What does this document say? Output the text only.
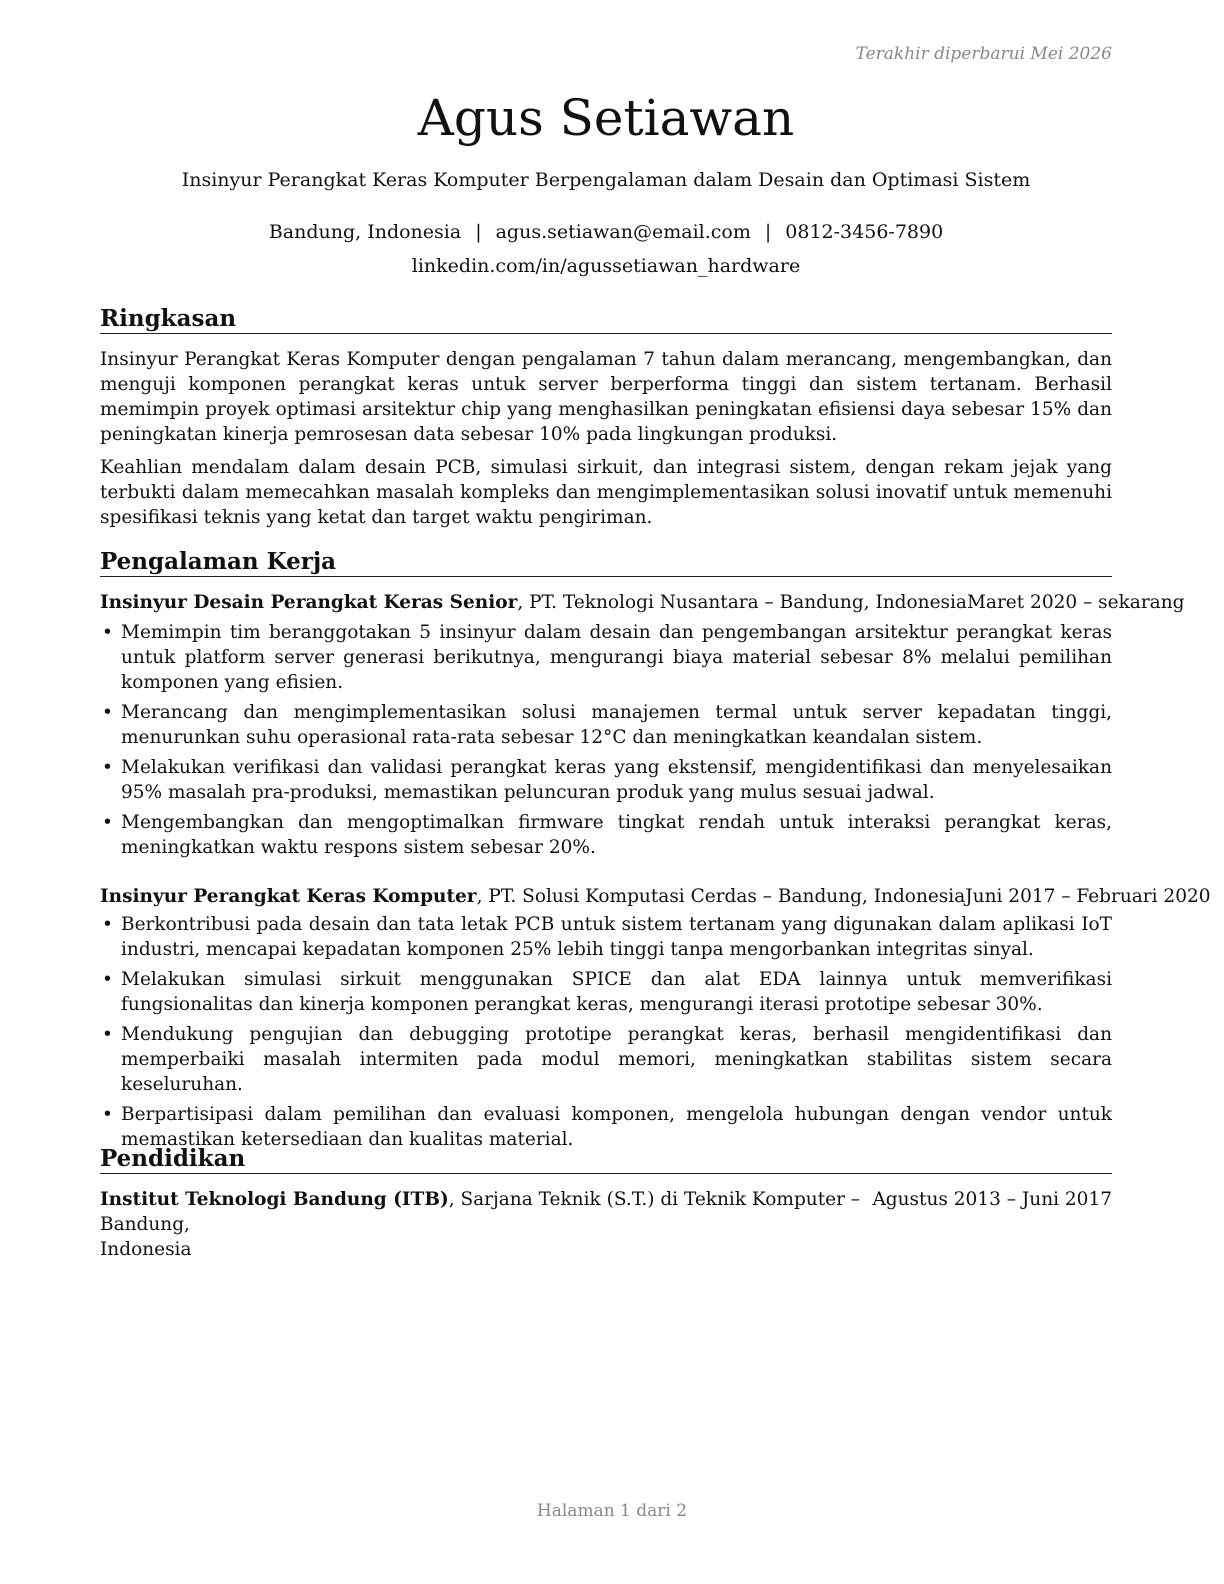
Terakhir diperbarui Mei 2026
Agus Setiawan
Insinyur Perangkat Keras Komputer Berpengalaman dalam Desain dan Optimasi Sistem
Bandung, Indonesia | agus.setiawan@email.com | 0812-3456-7890
linkedin.com/in/agussetiawan_hardware
Ringkasan

Insinyur Perangkat Keras Komputer dengan pengalaman 7 tahun dalam merancang, mengembangkan, dan menguji komponen perangkat keras untuk server berperforma tinggi dan sistem tertanam. Berhasil memimpin proyek optimasi arsitektur chip yang menghasilkan peningkatan efisiensi daya sebesar 15% dan peningkatan kinerja pemrosesan data sebesar 10% pada lingkungan produksi.

Keahlian mendalam dalam desain PCB, simulasi sirkuit, dan integrasi sistem, dengan rekam jejak yang terbukti dalam memecahkan masalah kompleks dan mengimplementasikan solusi inovatif untuk memenuhi spesifikasi teknis yang ketat dan target waktu pengiriman.

Pengalaman Kerja
Insinyur Desain Perangkat Keras Senior, PT. Teknologi Nusantara – Bandung, Indonesia Maret 2020 – sekarang
• Memimpin tim beranggotakan 5 insinyur dalam desain dan pengembangan arsitektur perangkat keras untuk platform server generasi berikutnya, mengurangi biaya material sebesar 8% melalui pemilihan komponen yang efisien.
• Merancang dan mengimplementasikan solusi manajemen termal untuk server kepadatan tinggi, menurunkan suhu operasional rata-rata sebesar 12°C dan meningkatkan keandalan sistem.
• Melakukan verifikasi dan validasi perangkat keras yang ekstensif, mengidentifikasi dan menyelesaikan 95% masalah pra-produksi, memastikan peluncuran produk yang mulus sesuai jadwal.
• Mengembangkan dan mengoptimalkan firmware tingkat rendah untuk interaksi perangkat keras, meningkatkan waktu respons sistem sebesar 20%.
Insinyur Perangkat Keras Komputer, PT. Solusi Komputasi Cerdas – Bandung, Indonesia Juni 2017 – Februari 2020
• Berkontribusi pada desain dan tata letak PCB untuk sistem tertanam yang digunakan dalam aplikasi IoT industri, mencapai kepadatan komponen 25% lebih tinggi tanpa mengorbankan integritas sinyal.
• Melakukan simulasi sirkuit menggunakan SPICE dan alat EDA lainnya untuk memverifikasi fungsionalitas dan kinerja komponen perangkat keras, mengurangi iterasi prototipe sebesar 30%.
• Mendukung pengujian dan debugging prototipe perangkat keras, berhasil mengidentifikasi dan memperbaiki masalah intermiten pada modul memori, meningkatkan stabilitas sistem secara keseluruhan.
• Berpartisipasi dalam pemilihan dan evaluasi komponen, mengelola hubungan dengan vendor untuk memastikan ketersediaan dan kualitas material.
Pendidikan
Institut Teknologi Bandung (ITB), Sarjana Teknik (S.T.) di Teknik Komputer – Bandung,
Indonesia
Agustus 2013 – Juni 2017
Halaman 1 dari 2
